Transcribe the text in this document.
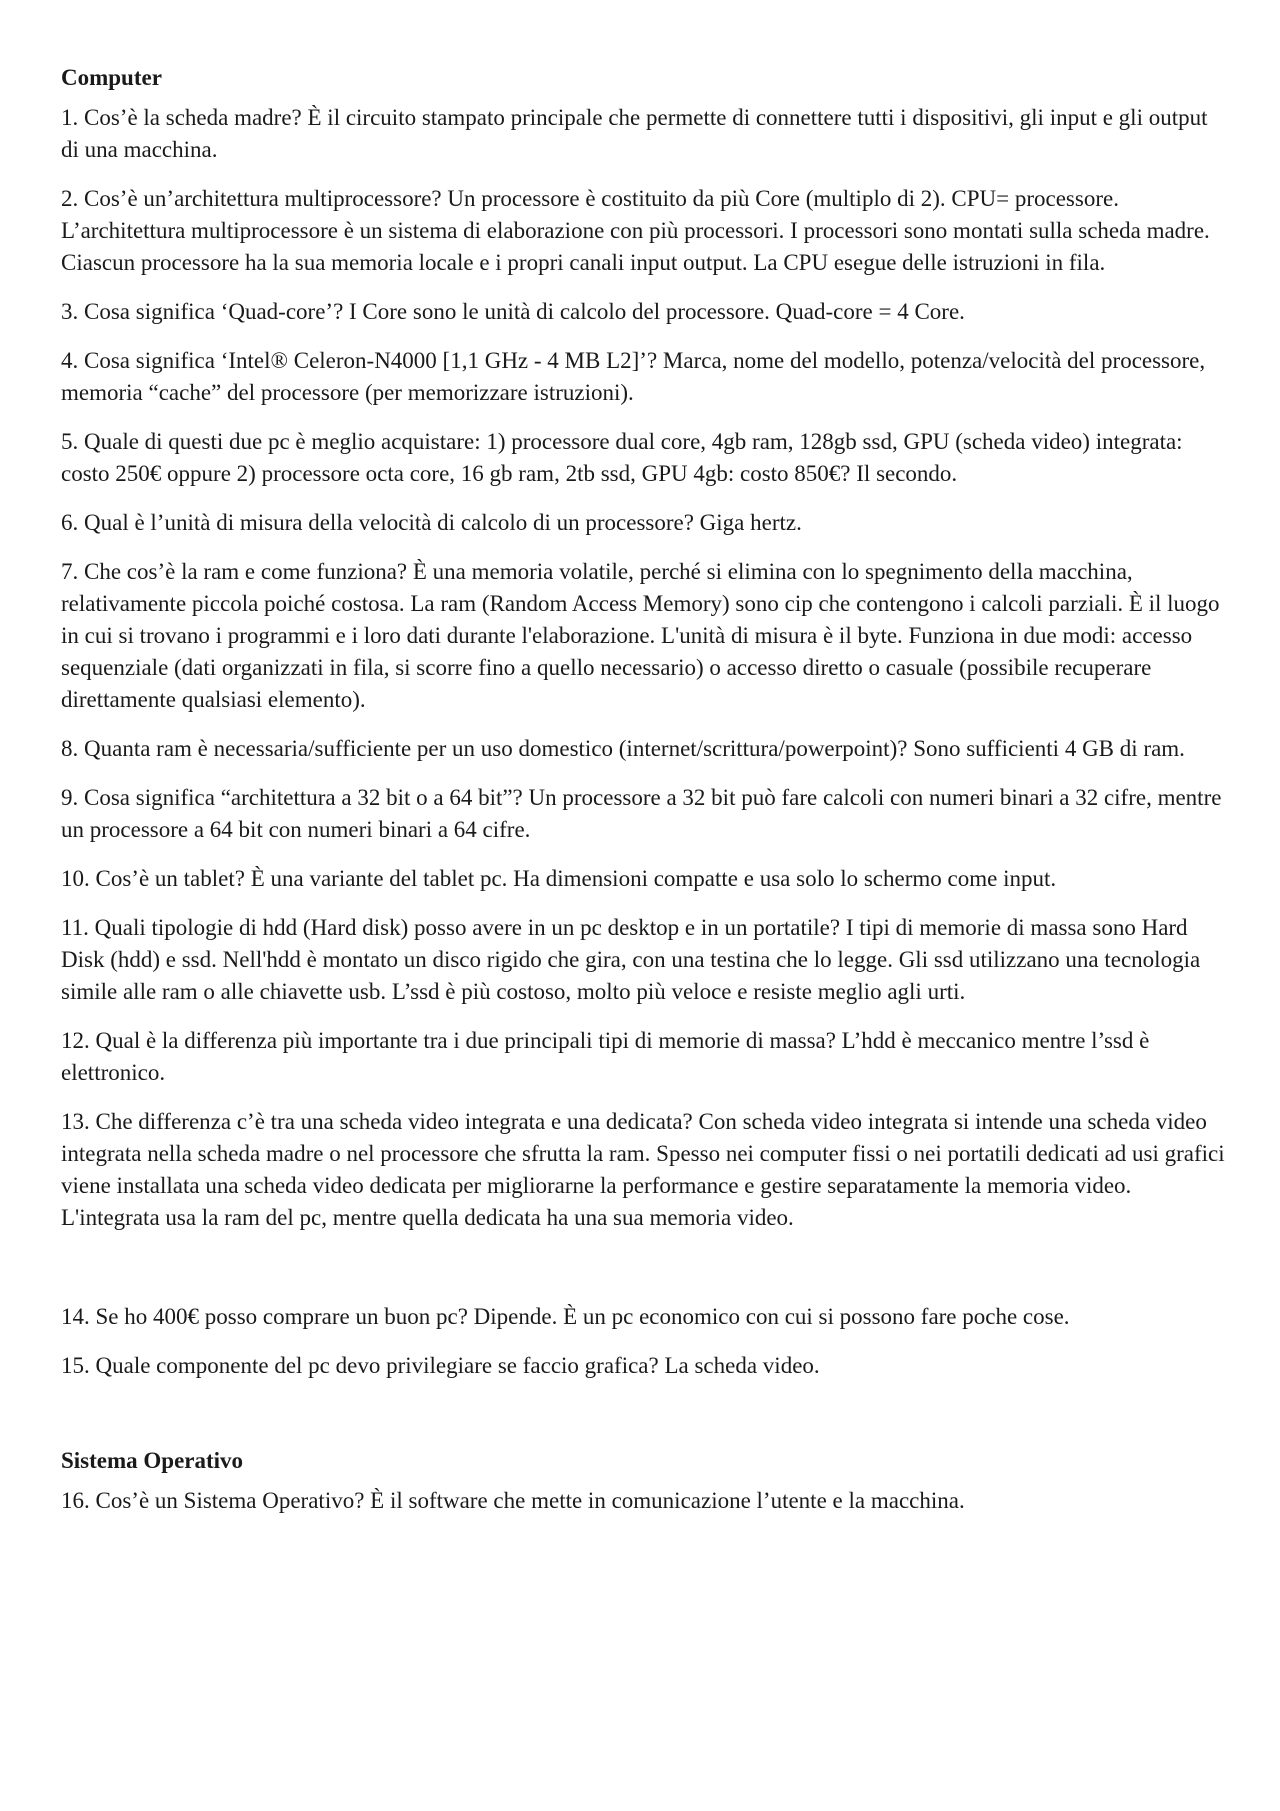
Computer

1. Cos’è la scheda madre? È il circuito stampato principale che permette di connettere tutti i dispositivi, gli input e gli output di una macchina.

2. Cos’è un’architettura multiprocessore? Un processore è costituito da più Core (multiplo di 2). CPU= processore. L’architettura multiprocessore è un sistema di elaborazione con più processori. I processori sono montati sulla scheda madre. Ciascun processore ha la sua memoria locale e i propri canali input output. La CPU esegue delle istruzioni in fila.

3. Cosa significa ‘Quad-core’? I Core sono le unità di calcolo del processore. Quad-core = 4 Core.

4. Cosa significa ‘Intel® Celeron-N4000 [1,1 GHz - 4 MB L2]’? Marca, nome del modello, potenza/velocità del processore, memoria “cache” del processore (per memorizzare istruzioni).

5. Quale di questi due pc è meglio acquistare: 1) processore dual core, 4gb ram, 128gb ssd, GPU (scheda video) integrata: costo 250€ oppure 2) processore octa core, 16 gb ram, 2tb ssd, GPU 4gb: costo 850€? Il secondo.

6. Qual è l’unità di misura della velocità di calcolo di un processore? Giga hertz.

7. Che cos’è la ram e come funziona? È una memoria volatile, perché si elimina con lo spegnimento della macchina, relativamente piccola poiché costosa. La ram (Random Access Memory) sono cip che contengono i calcoli parziali. È il luogo in cui si trovano i programmi e i loro dati durante l'elaborazione. L'unità di misura è il byte. Funziona in due modi: accesso sequenziale (dati organizzati in fila, si scorre fino a quello necessario) o accesso diretto o casuale (possibile recuperare direttamente qualsiasi elemento).

8. Quanta ram è necessaria/sufficiente per un uso domestico (internet/scrittura/powerpoint)? Sono sufficienti 4 GB di ram.

9. Cosa significa “architettura a 32 bit o a 64 bit”? Un processore a 32 bit può fare calcoli con numeri binari a 32 cifre, mentre un processore a 64 bit con numeri binari a 64 cifre.

10. Cos’è un tablet? È una variante del tablet pc. Ha dimensioni compatte e usa solo lo schermo come input.

11. Quali tipologie di hdd (Hard disk) posso avere in un pc desktop e in un portatile? I tipi di memorie di massa sono Hard Disk (hdd) e ssd. Nell'hdd è montato un disco rigido che gira, con una testina che lo legge. Gli ssd utilizzano una tecnologia simile alle ram o alle chiavette usb. L’ssd è più costoso, molto più veloce e resiste meglio agli urti.

12. Qual è la differenza più importante tra i due principali tipi di memorie di massa? L’hdd è meccanico mentre l’ssd è elettronico.

13. Che differenza c’è tra una scheda video integrata e una dedicata? Con scheda video integrata si intende una scheda video integrata nella scheda madre o nel processore che sfrutta la ram. Spesso nei computer fissi o nei portatili dedicati ad usi grafici viene installata una scheda video dedicata per migliorarne la performance e gestire separatamente la memoria video. L'integrata usa la ram del pc, mentre quella dedicata ha una sua memoria video.

14. Se ho 400€ posso comprare un buon pc? Dipende. È un pc economico con cui si possono fare poche cose.

15. Quale componente del pc devo privilegiare se faccio grafica? La scheda video.

Sistema Operativo

16. Cos’è un Sistema Operativo? È il software che mette in comunicazione l’utente e la macchina.
